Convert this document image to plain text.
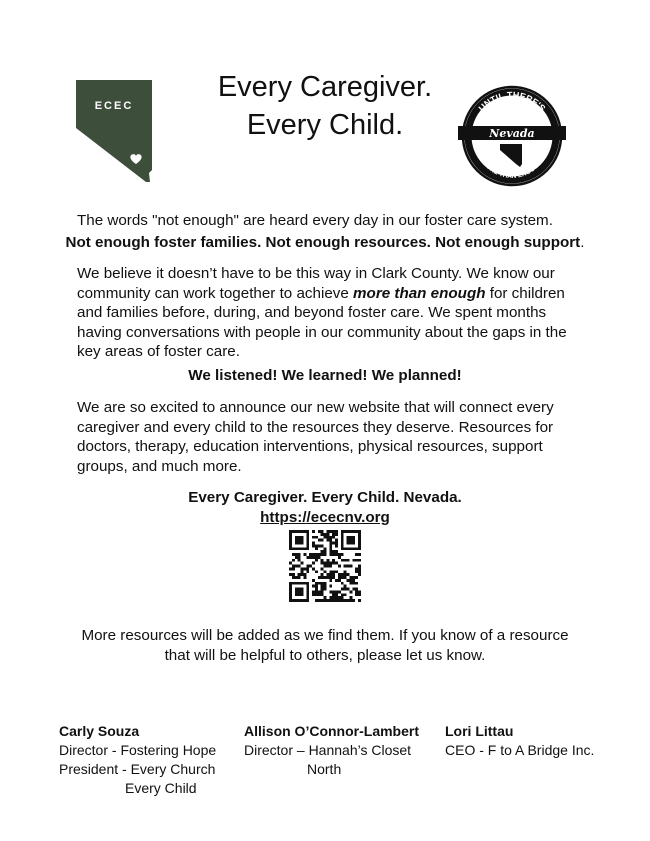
Every Caregiver.
Every Child.
ECEC	UNTIL THERE'S
MORE THAN ENOUGH
Nevada
The words "not enough" are heard every day in our foster care system.
Not enough foster families. Not enough resources. Not enough support.
We believe it doesn’t have to be this way in Clark County. We know our community can work together to achieve more than enough for children and families before, during, and beyond foster care. We spent months having conversations with people in our community about the gaps in the key areas of foster care.
We listened! We learned! We planned!
We are so excited to announce our new website that will connect every caregiver and every child to the resources they deserve. Resources for doctors, therapy, education interventions, physical resources, support groups, and much more.
Every Caregiver. Every Child. Nevada.
https://ececnv.org
More resources will be added as we find them. If you know of a resource
that will be helpful to others, please let us know.
Carly Souza
Director - Fostering Hope
President - Every Church
Every Child
Allison O’Connor-Lambert
Director – Hannah’s Closet
North
Lori Littau
CEO - F to A Bridge Inc.
